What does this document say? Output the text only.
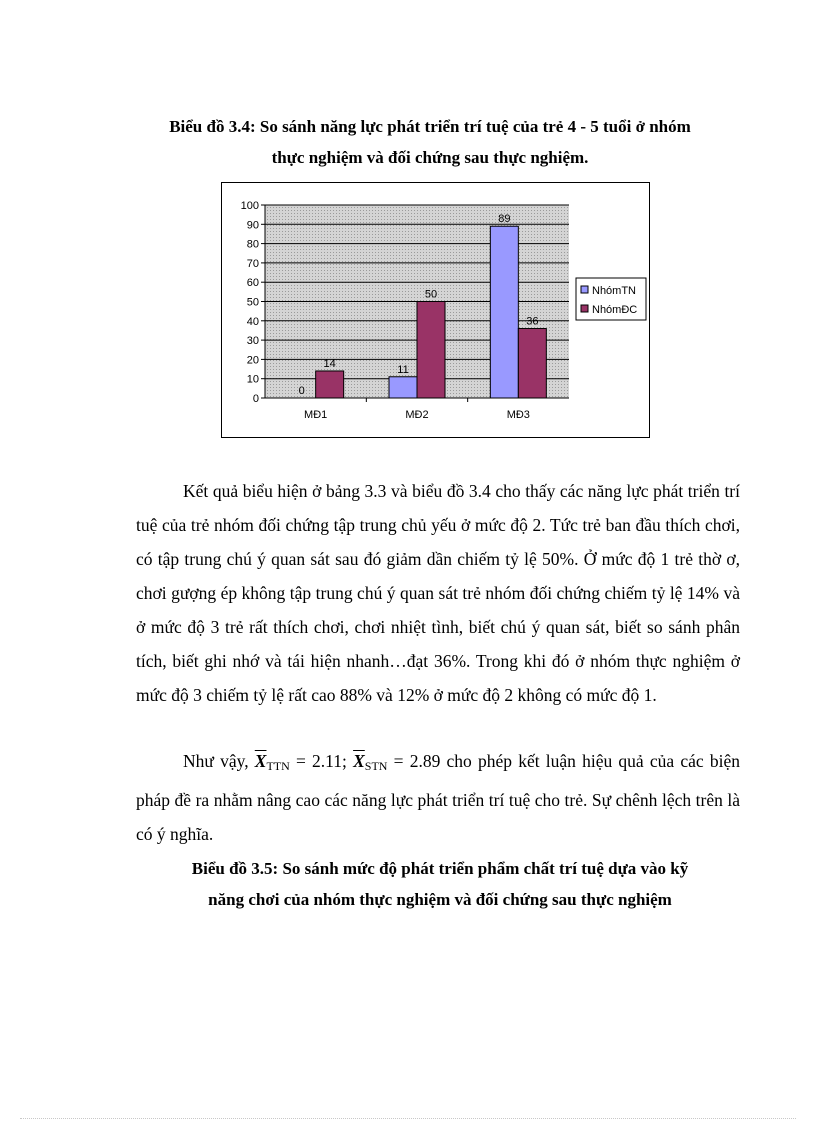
Biểu đồ 3.4: So sánh năng lực phát triển trí tuệ của trẻ 4 - 5 tuổi ở nhóm
thực nghiệm và đối chứng sau thực nghiệm.
0
10
20
30
40
50
60
70
80
90
100
0
14
MĐ1
11
50
MĐ2
89
36
MĐ3
NhómTN
NhómĐC

Kết quả biểu hiện ở bảng 3.3 và biểu đồ 3.4 cho thấy các năng lực phát triển trí tuệ của trẻ nhóm đối chứng tập trung chủ yếu ở mức độ 2. Tức trẻ ban đầu thích chơi, có tập trung chú ý quan sát sau đó giảm dần chiếm tỷ lệ 50%. Ở mức độ 1 trẻ thờ ơ, chơi gượng ép không tập trung chú ý quan sát trẻ nhóm đối chứng chiếm tỷ lệ 14% và ở mức độ 3 trẻ rất thích chơi, chơi nhiệt tình, biết chú ý quan sát, biết so sánh phân tích, biết ghi nhớ và tái hiện nhanh…đạt 36%. Trong khi đó ở nhóm thực nghiệm ở mức độ 3 chiếm tỷ lệ rất cao 88% và 12% ở mức độ 2 không có mức độ 1.

Như vậy, $\overline{X}_{TTN} = 2.11$; $\overline{X}_{STN} = 2.89$ cho phép kết luận hiệu quả của các biện pháp đề ra nhằm nâng cao các năng lực phát triển trí tuệ cho trẻ. Sự chênh lệch trên là có ý nghĩa.

Biểu đồ 3.5: So sánh mức độ phát triển phẩm chất trí tuệ dựa vào kỹ
năng chơi của nhóm thực nghiệm và đối chứng sau thực nghiệm
